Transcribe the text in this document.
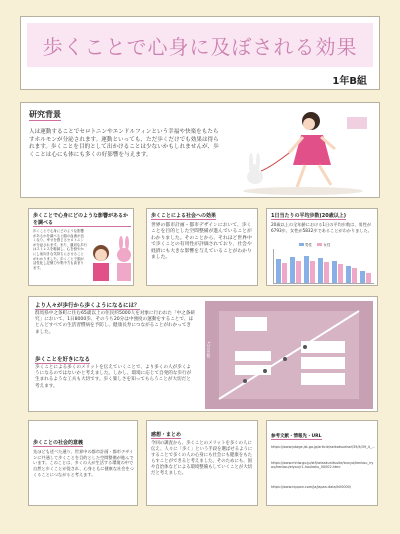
歩くことで心身に及ぼされる効果
1年B組
研究背景
人は運動することでセロトニンやエンドルフィンという幸福や快楽をもたらすホルモンが分泌されます。運動といっても、ただ歩くだけでも効果は得られます。歩くことを目的として出かけることは少ないかもしれませんが、歩くことは心にも体にも多くの好影響を与えます。
歩くことで心身にどのような影響があるかを調べる
歩くことで心身にどのような影響があるかを調べると脳の血流が良くなり、幸せを感じるセロトニンが分泌されます。また、適切な歩行はストレスを軽減し、心を穏やかにし前向きな気持ちにさせることがわかりました。歩くことで脳が活性化し記憶力や集中力も高まります。
歩くことによる社会への効果
世界の都市計画・都市デザインにおいて、歩くことを目的とした空間整備が進んでいることがわかりました。そのことから、それほど世界中で歩くことの有用性が評価されており、社会や経済にも大きな影響を与えていることがわかりました。
1日当たりの平均歩数(20歳以上)
20歳以上の全年齢における1日の平均歩数は、男性が6793歩、女性が5832歩であることがわかりました。
男性	女性
より人々が歩行から歩くようになるには？
群馬県中之条町に住む65歳以上の住民約5000人を対象に行われた「中之条研究」において、1日8000歩、そのうち20分は中強度の運動をすることで、ほとんどすべての生活習慣病を予防し、健康長寿につながることがわかってきました。
歩くことを好きになる
歩くことによる多くのメリットを伝えていくことで、より多くの人が歩くようになるのではないかと考えました。しかし、環境に応じて自発的な歩行が生まれるような工夫も大切です。歩く楽しさを知ってもらうことが大切だと考えます。
1日の歩数
歩くことの社会的意義
先ほども述べた通り、世界中の都市計画・都市デザインに共通して歩くことを目的とした空間整備が進んでいます。このことは、多くの人が生活する環境の中で自然と歩くことが促され、心身ともに健康な社会をつくることにつながると考えます。
感想・まとめ
今回の調査から、歩くことのメリットを多くの人に伝え、人々に「歩く」という手段を選ばせるようにすることで多くの人の心身にも社会にも健康をもたらすことができると考えました。そのためにも、国や自治体などによる環境整備もしていくことが大切だと考えました。
参考文献・情報先・URL
https://www.jstage.jst.go.jp/article/seikatsueisei/39/4/39_4_...
https://www.mhlw.go.jp/stf/seisakunitsuite/bunya/kenkou_iryou/kenkou/eiyou/r1-houkoku_00002.html
https://www.nippon.com/ja/japan-data/h00000/
